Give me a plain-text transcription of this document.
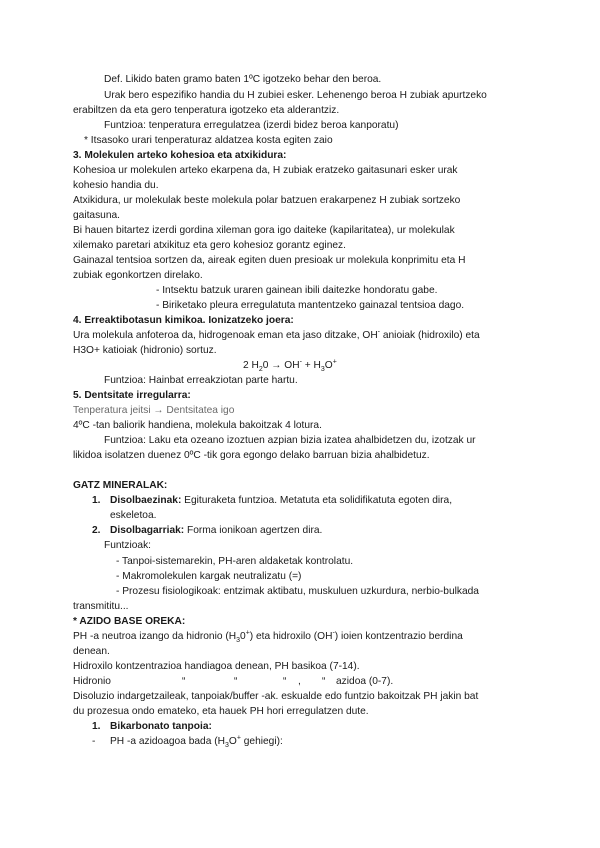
Def. Likido baten gramo baten 1ºC igotzeko behar den beroa.
Urak bero espezifiko handia du H zubiei esker. Lehenengo beroa H zubiak apurtzeko
erabiltzen da eta gero tenperatura igotzeko eta alderantziz.
Funtzioa: tenperatura erregulatzea (izerdi bidez beroa kanporatu)
* Itsasoko urari tenperaturaz aldatzea kosta egiten zaio
3. Molekulen arteko kohesioa eta atxikidura:
Kohesioa ur molekulen arteko ekarpena da, H zubiak eratzeko gaitasunari esker urak
kohesio handia du.
Atxikidura, ur molekulak beste molekula polar batzuen erakarpenez H zubiak sortzeko
gaitasuna.
Bi hauen bitartez izerdi gordina xileman gora igo daiteke (kapilaritatea), ur molekulak
xilemako paretari atxikituz eta gero kohesioz gorantz eginez.
Gainazal tentsioa sortzen da, aireak egiten duen presioak ur molekula konprimitu eta H
zubiak egonkortzen direlako.
- Intsektu batzuk uraren gainean ibili daitezke hondoratu gabe.
- Biriketako pleura erregulatuta mantentzeko gainazal tentsioa dago.
4. Erreaktibotasun kimikoa. Ionizatzeko joera:
Ura molekula anfoteroa da, hidrogenoak eman eta jaso ditzake, OH- anioiak (hidroxilo) eta
H3O+ katioiak (hidronio) sortuz.
2 $H_20 \to OH^- + H_3O^+$
Funtzioa: Hainbat erreakziotan parte hartu.
5. Dentsitate irregularra:
Tenperatura jeitsi → Dentsitatea igo
4ºC -tan baliorik handiena, molekula bakoitzak 4 lotura.
Funtzioa: Laku eta ozeano izoztuen azpian bizia izatea ahalbidetzen du, izotzak ur
likidoa isolatzen duenez 0ºC -tik gora egongo delako barruan bizia ahalbidetuz.
GATZ MINERALAK:
1. Disolbaezinak: Egituraketa funtzioa. Metatuta eta solidifikatuta egoten dira,
eskeletoa.
2. Disolbagarriak: Forma ionikoan agertzen dira.
Funtzioak:
- Tanpoi-sistemarekin, PH-aren aldaketak kontrolatu.
- Makromolekulen kargak neutralizatu (=)
- Prozesu fisiologikoak: entzimak aktibatu, muskuluen uzkurdura, nerbio-bulkada
transmititu...
* AZIDO BASE OREKA:
PH -a neutroa izango da hidronio $(H_30^+)$ eta hidroxilo (OH-) ioien kontzentrazio berdina
denean.
Hidroxilo kontzentrazioa handiagoa denean, PH basikoa (7-14).
Hidronio	“	“	“ , “ azidoa (0-7).
Disoluzio indargetzaileak, tanpoiak/buffer -ak. eskualde edo funtzio bakoitzak PH jakin bat
du prozesua ondo emateko, eta hauek PH hori erregulatzen dute.
1. Bikarbonato tanpoia:
- PH -a azidoagoa bada ($H_3O^+$ gehiegi):
